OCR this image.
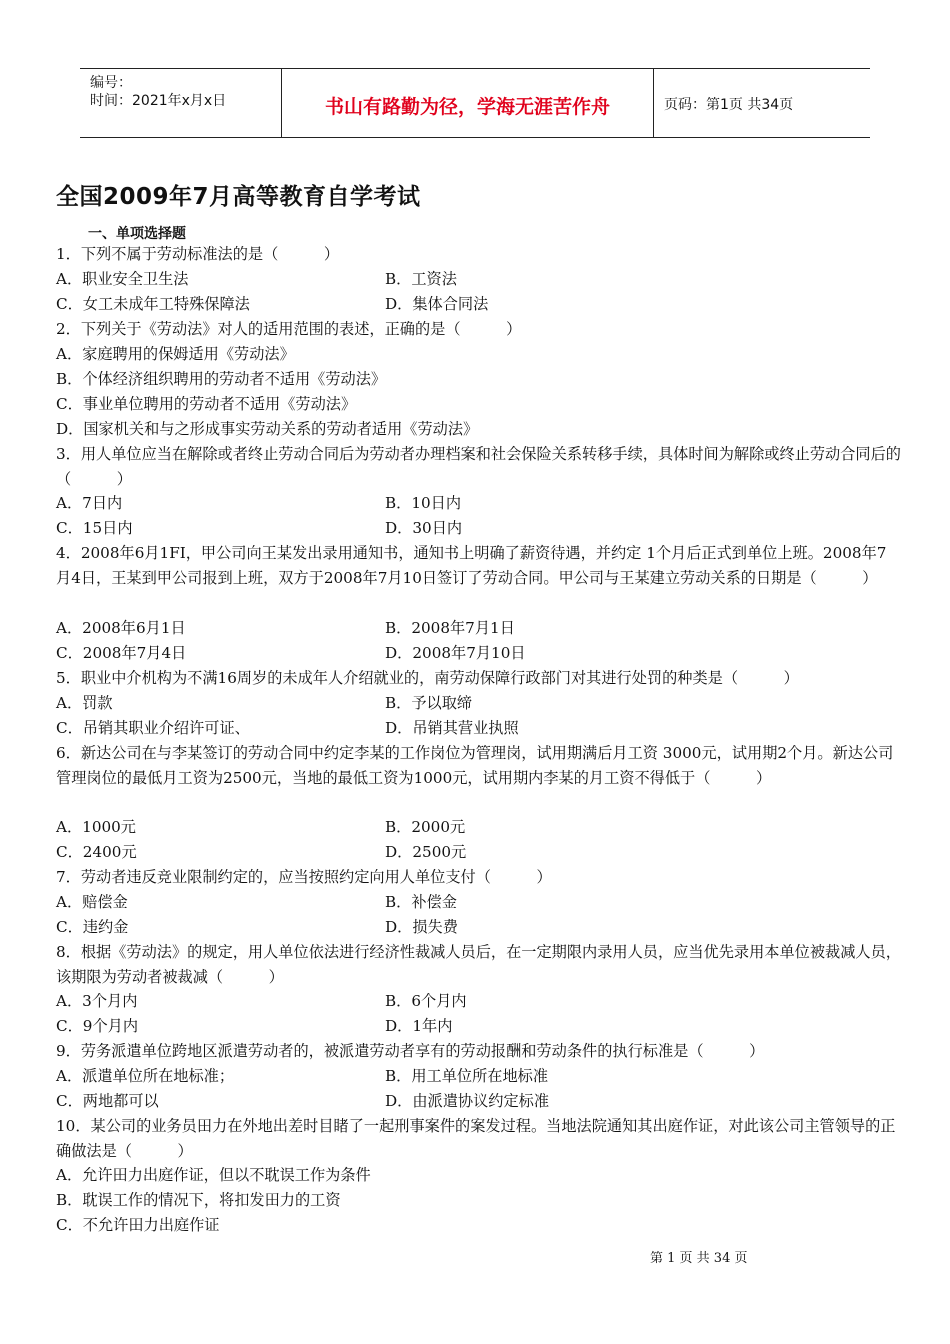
编号：
时间：2021年x月x日	书山有路勤为径，学海无涯苦作舟	页码：第1页 共34页
全国2009年7月高等教育自学考试
一、单项选择题
1．下列不属于劳动标准法的是（　　　）
A．职业安全卫生法	B．工资法
C．女工未成年工特殊保障法	D．集体合同法
2．下列关于《劳动法》对人的适用范围的表述，正确的是（　　　）
A．家庭聘用的保姆适用《劳动法》
B．个体经济组织聘用的劳动者不适用《劳动法》
C．事业单位聘用的劳动者不适用《劳动法》
D．国家机关和与之形成事实劳动关系的劳动者适用《劳动法》
3．用人单位应当在解除或者终止劳动合同后为劳动者办理档案和社会保险关系转移手续，具体时间为解除或终止劳动合同后的（　　　）
A．7日内	B．10日内
C．15日内	D．30日内
4．2008年6月1FI，甲公司向王某发出录用通知书，通知书上明确了薪资待遇，并约定 1个月后正式到单位上班。2008年7月4日，王某到甲公司报到上班，双方于2008年7月10日签订了劳动合同。甲公司与王某建立劳动关系的日期是（　　　）
A．2008年6月1日	B．2008年7月1日
C．2008年7月4日	D．2008年7月10日
5．职业中介机构为不满16周岁的未成年人介绍就业的，南劳动保障行政部门对其进行处罚的种类是（　　　）
A．罚款	B．予以取缔
C．吊销其职业介绍许可证、	D．吊销其营业执照
6．新达公司在与李某签订的劳动合同中约定李某的工作岗位为管理岗，试用期满后月工资 3000元，试用期2个月。新达公司管理岗位的最低月工资为2500元，当地的最低工资为1000元，试用期内李某的月工资不得低于（　　　）
A．1000元	B．2000元
C．2400元	D．2500元
7．劳动者违反竞业限制约定的，应当按照约定向用人单位支付（　　　）
A．赔偿金	B．补偿金
C．违约金	D．损失费
8．根据《劳动法》的规定，用人单位依法进行经济性裁减人员后，在一定期限内录用人员，应当优先录用本单位被裁减人员，该期限为劳动者被裁减（　　　）
A．3个月内	B．6个月内
C．9个月内	D．1年内
9．劳务派遣单位跨地区派遣劳动者的，被派遣劳动者享有的劳动报酬和劳动条件的执行标准是（　　　）
A．派遣单位所在地标准；	B．用工单位所在地标准
C．两地都可以	D．由派遣协议约定标准
10．某公司的业务员田力在外地出差时目睹了一起刑事案件的案发过程。当地法院通知其出庭作证，对此该公司主管领导的正确做法是（　　　）
A．允许田力出庭作证，但以不耽误工作为条件
B．耽误工作的情况下，将扣发田力的工资
C．不允许田力出庭作证
第 1 页 共 34 页
